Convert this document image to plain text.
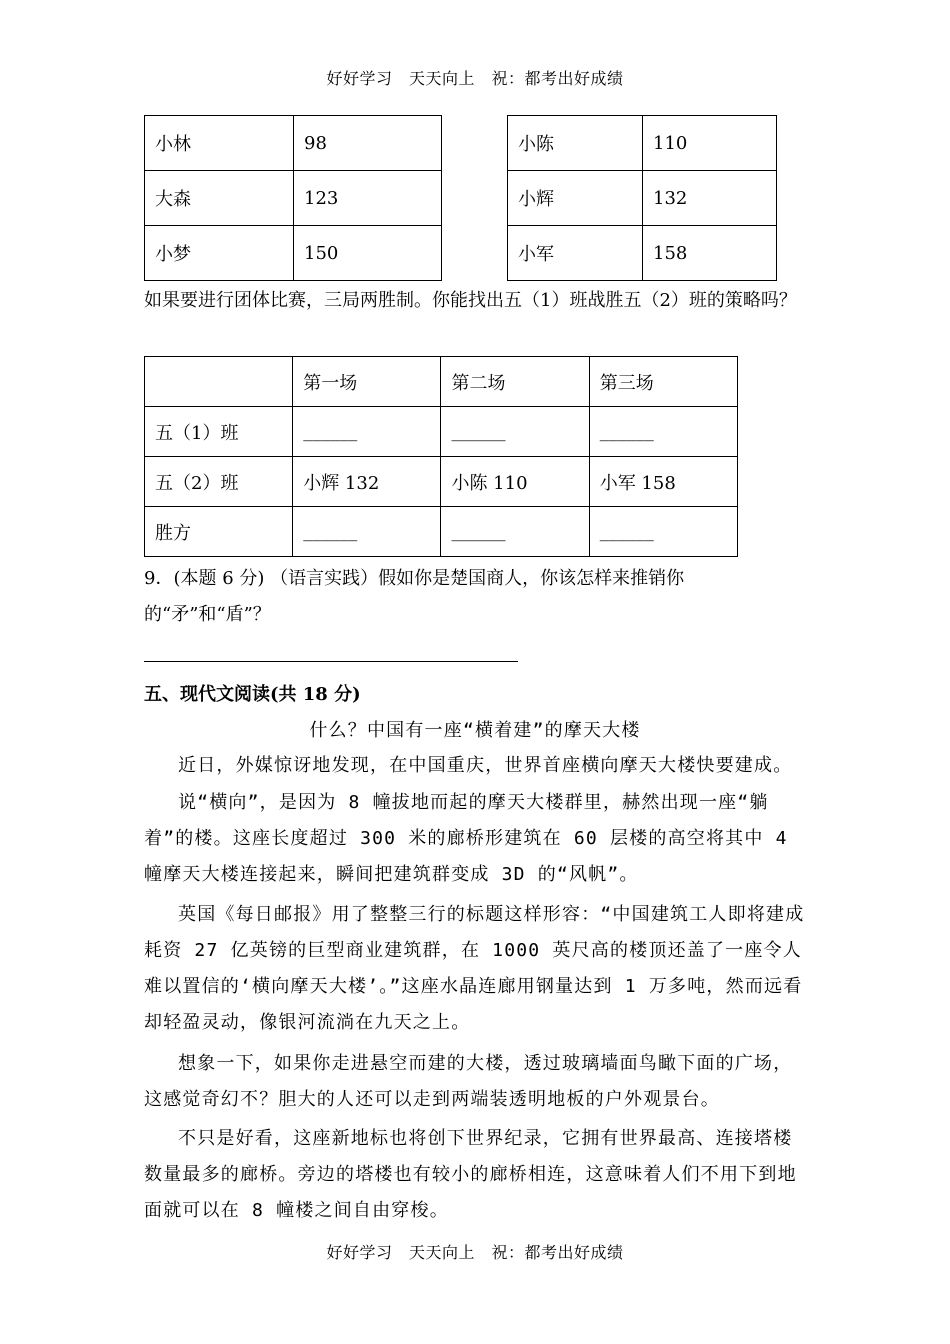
好好学习　天天向上　祝：都考出好成绩
小林	98
大森	123
小梦	150
小陈	110
小辉	132
小军	158
如果要进行团体比赛，三局两胜制。你能找出五（1）班战胜五（2）班的策略吗？
	第一场	第二场	第三场
五（1）班	______	______	______
五（2）班	小辉 132	小陈 110	小军 158
胜方	______	______	______
9．(本题 6 分) （语言实践）假如你是楚国商人，你该怎样来推销你的“矛”和“盾”？
五、现代文阅读(共 18 分)
什么？中国有一座“横着建”的摩天大楼
近日，外媒惊讶地发现，在中国重庆，世界首座横向摩天大楼快要建成。
说“横向”，是因为 8 幢拔地而起的摩天大楼群里，赫然出现一座“躺着”的楼。这座长度超过 300 米的廊桥形建筑在 60 层楼的高空将其中 4 幢摩天大楼连接起来，瞬间把建筑群变成 3D 的“风帆”。
英国《每日邮报》用了整整三行的标题这样形容：“中国建筑工人即将建成耗资 27 亿英镑的巨型商业建筑群，在 1000 英尺高的楼顶还盖了一座令人难以置信的‘横向摩天大楼’。”这座水晶连廊用钢量达到 1 万多吨，然而远看却轻盈灵动，像银河流淌在九天之上。
想象一下，如果你走进悬空而建的大楼，透过玻璃墙面鸟瞰下面的广场，这感觉奇幻不？胆大的人还可以走到两端装透明地板的户外观景台。
不只是好看，这座新地标也将创下世界纪录，它拥有世界最高、连接塔楼数量最多的廊桥。旁边的塔楼也有较小的廊桥相连，这意味着人们不用下到地面就可以在 8 幢楼之间自由穿梭。
好好学习　天天向上　祝：都考出好成绩
